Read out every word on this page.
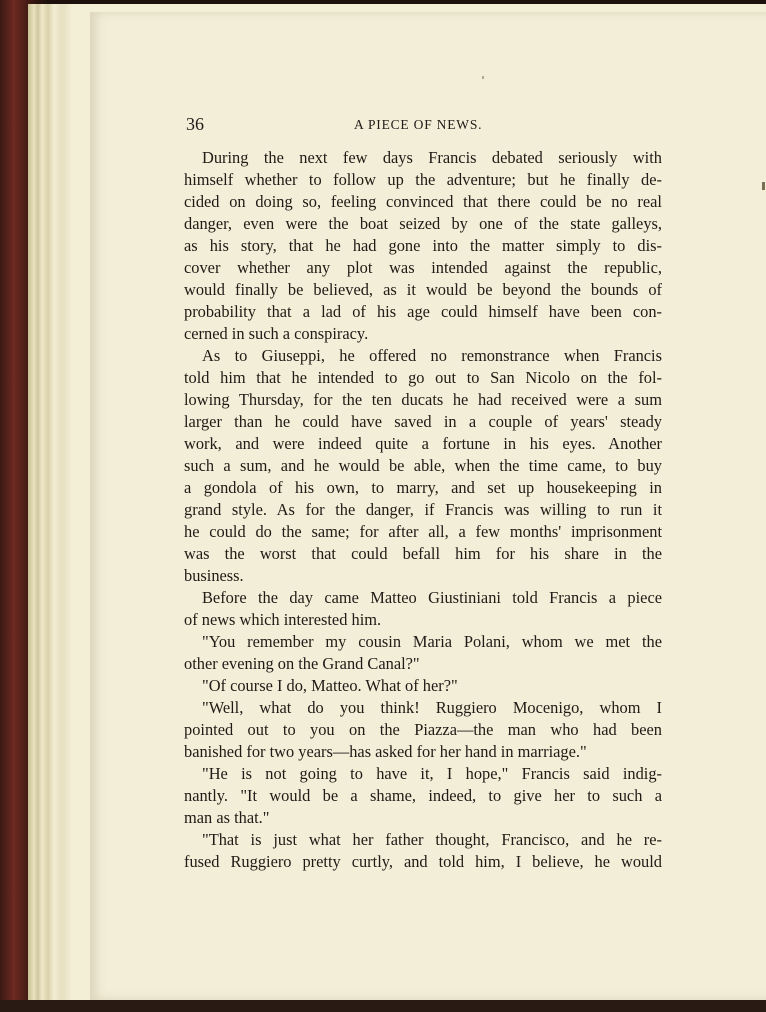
36	A PIECE OF NEWS.
During the next few days Francis debated seriously with
himself whether to follow up the adventure; but he finally de-
cided on doing so, feeling convinced that there could be no real
danger, even were the boat seized by one of the state galleys,
as his story, that he had gone into the matter simply to dis-
cover whether any plot was intended against the republic,
would finally be believed, as it would be beyond the bounds of
probability that a lad of his age could himself have been con-
cerned in such a conspiracy.
As to Giuseppi, he offered no remonstrance when Francis
told him that he intended to go out to San Nicolo on the fol-
lowing Thursday, for the ten ducats he had received were a sum
larger than he could have saved in a couple of years' steady
work, and were indeed quite a fortune in his eyes. Another
such a sum, and he would be able, when the time came, to buy
a gondola of his own, to marry, and set up housekeeping in
grand style. As for the danger, if Francis was willing to run it
he could do the same; for after all, a few months' imprisonment
was the worst that could befall him for his share in the
business.
Before the day came Matteo Giustiniani told Francis a piece
of news which interested him.
"You remember my cousin Maria Polani, whom we met the
other evening on the Grand Canal?"
"Of course I do, Matteo. What of her?"
"Well, what do you think! Ruggiero Mocenigo, whom I
pointed out to you on the Piazza—the man who had been
banished for two years—has asked for her hand in marriage."
"He is not going to have it, I hope," Francis said indig-
nantly. "It would be a shame, indeed, to give her to such a
man as that."
"That is just what her father thought, Francisco, and he re-
fused Ruggiero pretty curtly, and told him, I believe, he would
